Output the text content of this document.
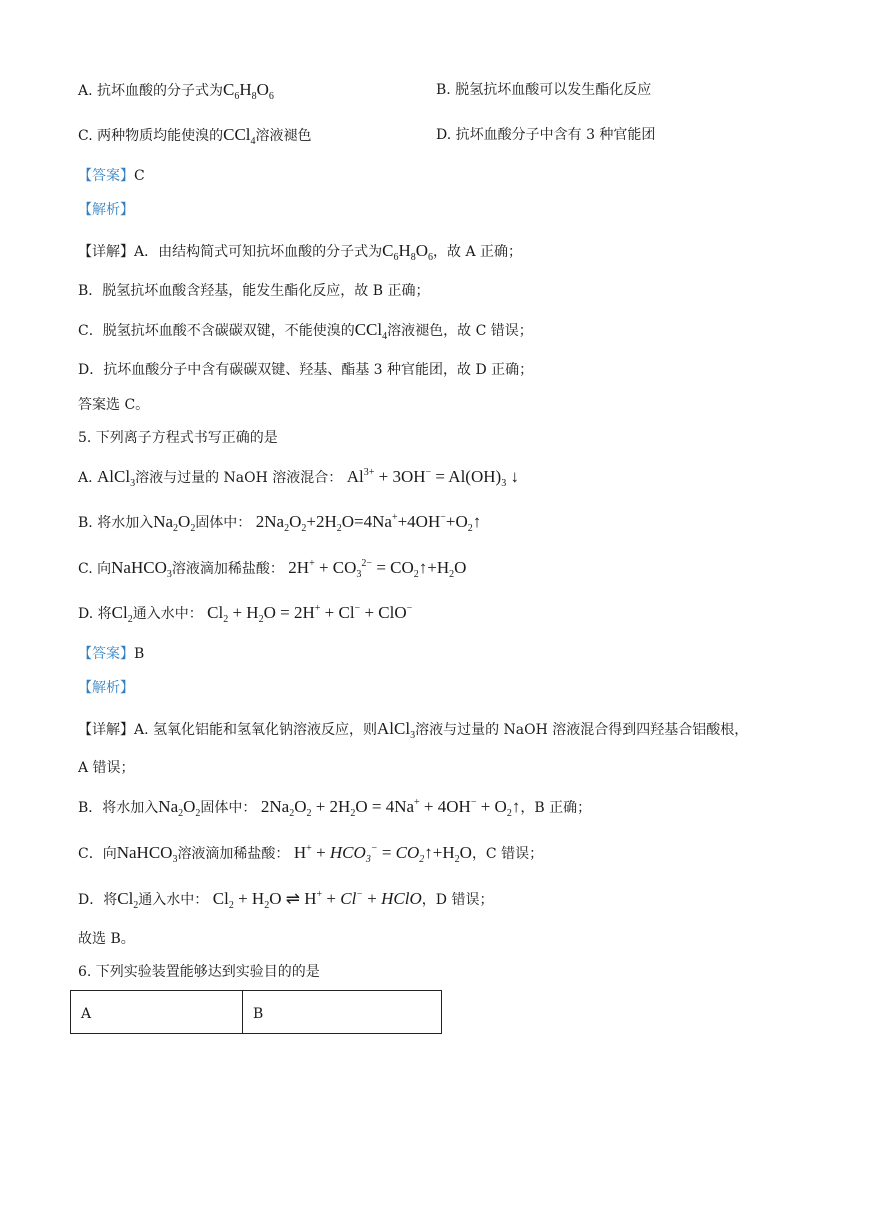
A. 抗坏血酸的分子式为$C_6H_8O_6$	B. 脱氢抗坏血酸可以发生酯化反应
C. 两种物质均能使溴的CCl$_4$溶液褪色	D. 抗坏血酸分子中含有 3 种官能团
【答案】C
【解析】
【详解】A．由结构简式可知抗坏血酸的分子式为$C_6H_8O_6$，故 A 正确；
B．脱氢抗坏血酸含羟基，能发生酯化反应，故 B 正确；
C．脱氢抗坏血酸不含碳碳双键，不能使溴的CCl$_4$溶液褪色，故 C 错误；
D．抗坏血酸分子中含有碳碳双键、羟基、酯基 3 种官能团，故 D 正确；
答案选 C。
5. 下列离子方程式书写正确的是
A. AlCl$_3$溶液与过量的 NaOH 溶液混合： $Al^{3+} + 3OH^- = Al(OH)_3$ ↓
B. 将水加入$Na_2O_2$固体中： $2Na_2O_2+2H_2O=4Na^++4OH^-+O_2↑$
C. 向NaHCO$_3$溶液滴加稀盐酸： $2H^+ + CO_3^{2-}$ = $CO_2↑+H_2O$
D. 将$Cl_2$通入水中： $Cl_2 + H_2O = 2H^+ + Cl^- + ClO^-$
【答案】B
【解析】
【详解】A. 氢氧化铝能和氢氧化钠溶液反应，则AlCl$_3$溶液与过量的 NaOH 溶液混合得到四羟基合铝酸根，
A 错误；
B．将水加入$Na_2O_2$固体中： $2Na_2O_2 + 2H_2O = 4Na^+ + 4OH^-$ + $O_2↑$，B 正确；
C．向NaHCO$_3$溶液滴加稀盐酸： $H^+ + HCO_3^-$ = $CO_2↑+H_2O$，C 错误；
D．将$Cl_2$通入水中： $Cl_2 + H_2O$ ⇌ H+ + Cl− + HClO，D 错误；
故选 B。
6. 下列实验装置能够达到实验目的的是
A	B
